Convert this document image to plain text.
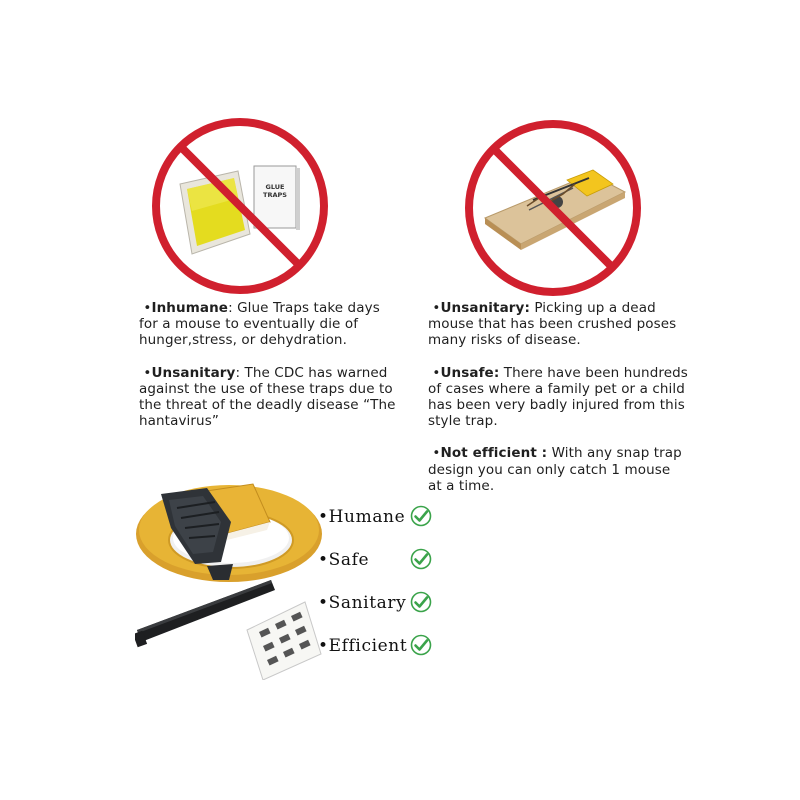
GLUE
TRAPS

•Inhumane: Glue Traps take days for a mouse to eventually die of hunger,stress, or dehydration.

•Unsanitary: The CDC has warned against the use of these traps due to the threat of the deadly disease “The hantavirus”

•Unsanitary: Picking up a dead mouse that has been crushed poses many risks of disease.

•Unsafe: There have been hundreds of cases where a family pet or a child has been very badly injured from this style trap.

•Not efficient : With any snap trap design you can only catch 1 mouse at a time.

•Humane
•Safe
•Sanitary
•Efficient
